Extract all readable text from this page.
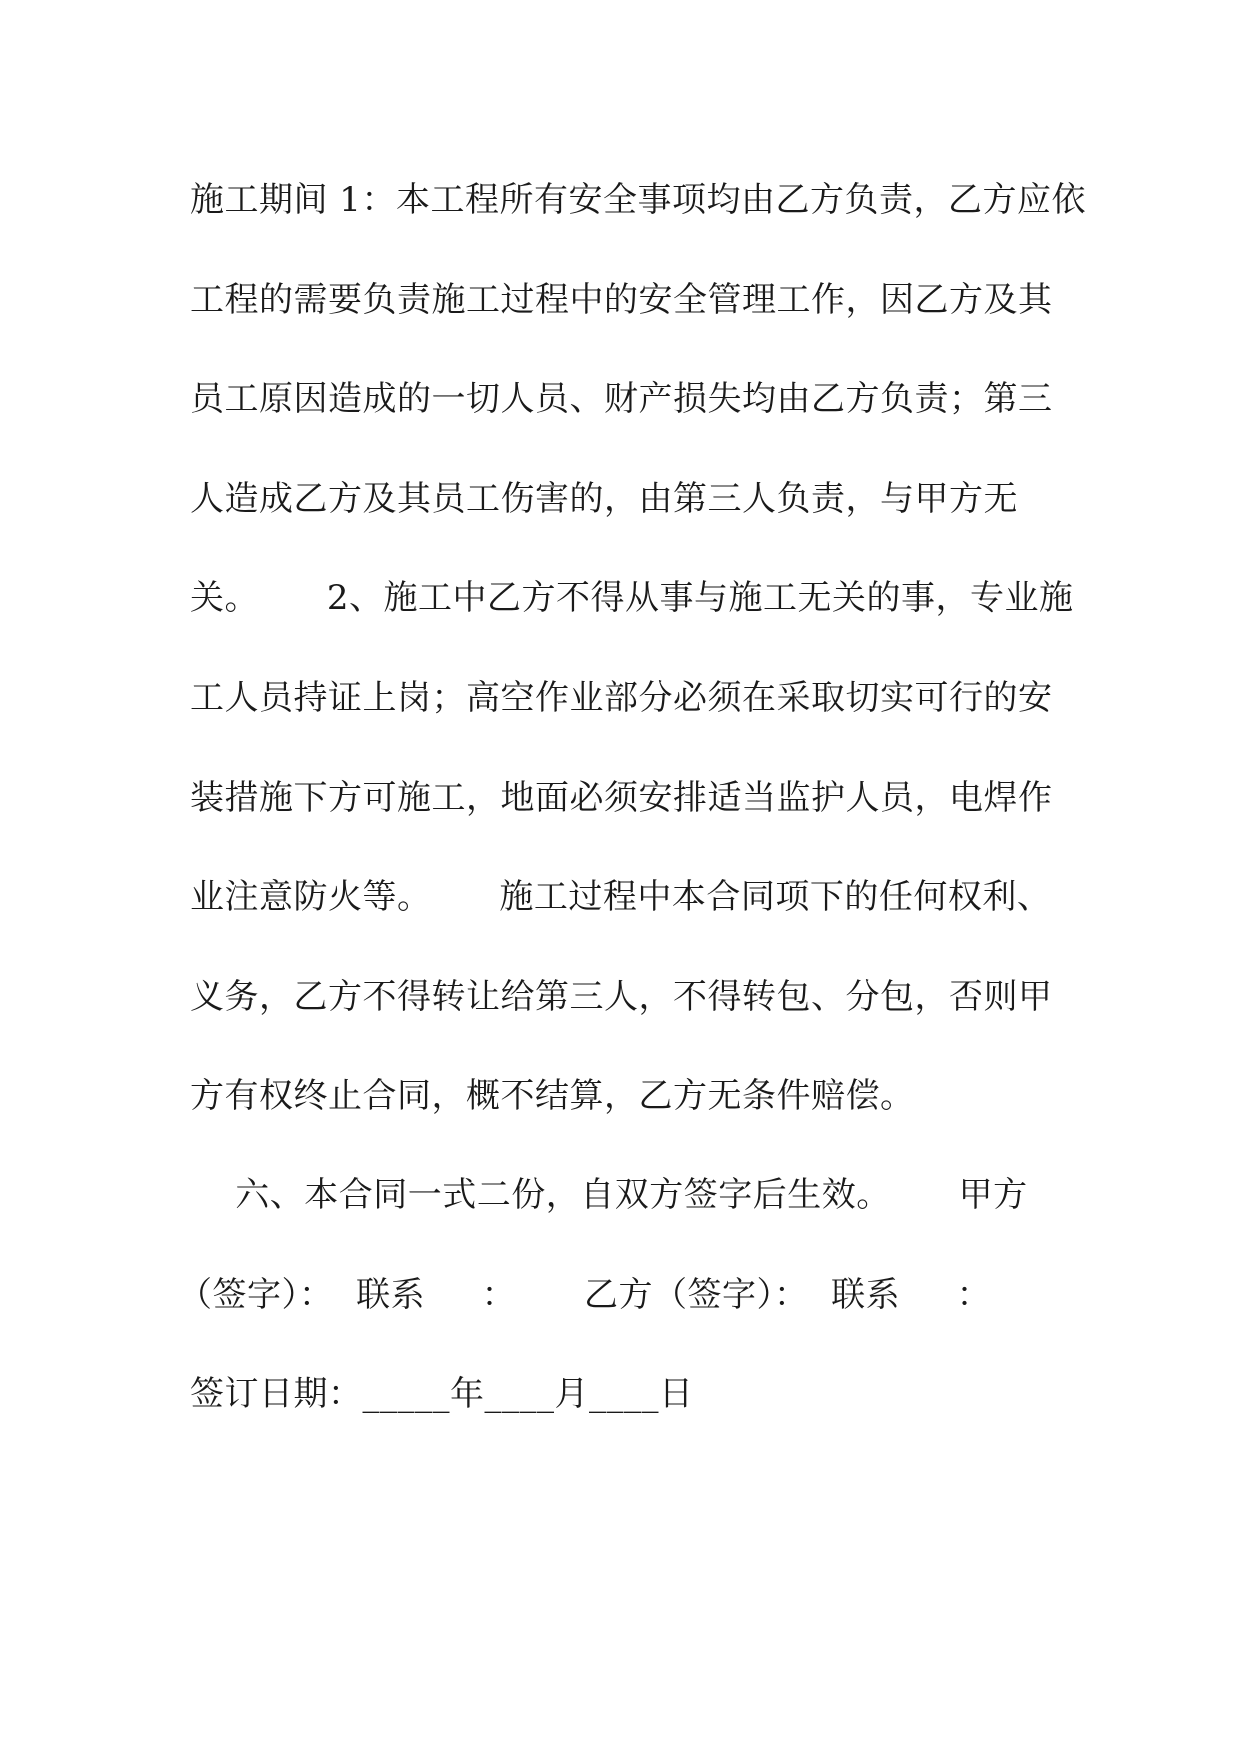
施工期间 1：本工程所有安全事项均由乙方负责，乙方应依
工程的需要负责施工过程中的安全管理工作，因乙方及其
员工原因造成的一切人员、财产损失均由乙方负责；第三
人造成乙方及其员工伤害的，由第三人负责，与甲方无
关。      2、施工中乙方不得从事与施工无关的事，专业施
工人员持证上岗；高空作业部分必须在采取切实可行的安
装措施下方可施工，地面必须安排适当监护人员，电焊作
业注意防火等。      施工过程中本合同项下的任何权利、
义务，乙方不得转让给第三人，不得转包、分包，否则甲
方有权终止合同，概不结算，乙方无条件赔偿。
六、本合同一式二份，自双方签字后生效。      甲方
（签字）：  联系     ：      乙方（签字）：  联系     ：
签订日期：_____年____月____日
